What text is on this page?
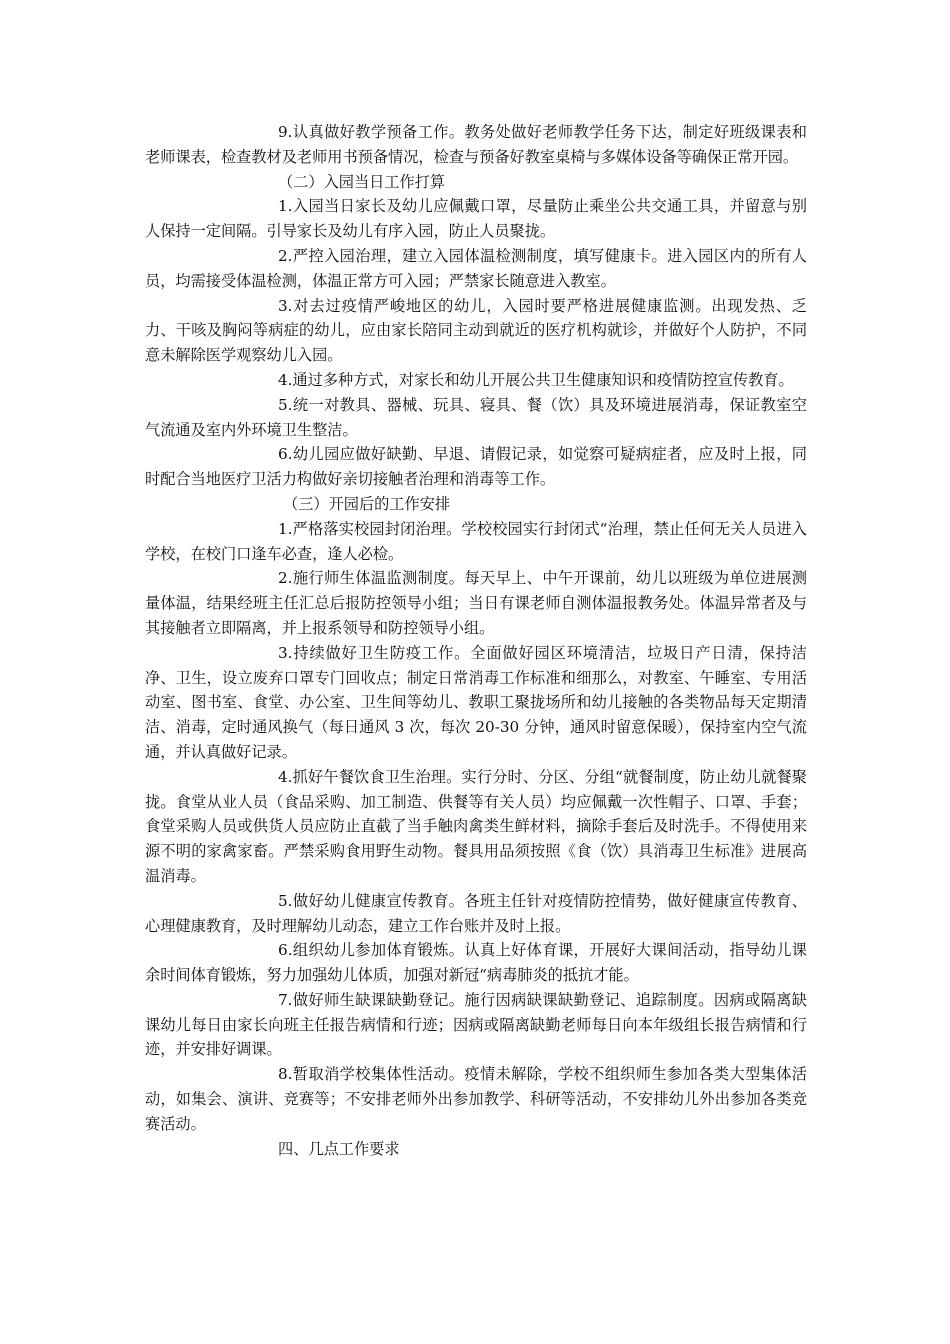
9.认真做好教学预备工作。教务处做好老师教学任务下达，制定好班级课表和老师课表，检查教材及老师用书预备情况，检查与预备好教室桌椅与多媒体设备等确保正常开园。

（二）入园当日工作打算

1.入园当日家长及幼儿应佩戴口罩，尽量防止乘坐公共交通工具，并留意与别人保持一定间隔。引导家长及幼儿有序入园，防止人员聚拢。

2.严控入园治理，建立入园体温检测制度，填写健康卡。进入园区内的所有人员，均需接受体温检测，体温正常方可入园；严禁家长随意进入教室。

3.对去过疫情严峻地区的幼儿，入园时要严格进展健康监测。出现发热、乏力、干咳及胸闷等病症的幼儿，应由家长陪同主动到就近的医疗机构就诊，并做好个人防护，不同意未解除医学观察幼儿入园。

4.通过多种方式，对家长和幼儿开展公共卫生健康知识和疫情防控宣传教育。

5.统一对教具、器械、玩具、寝具、餐（饮）具及环境进展消毒，保证教室空气流通及室内外环境卫生整洁。

6.幼儿园应做好缺勤、早退、请假记录，如觉察可疑病症者，应及时上报，同时配合当地医疗卫活力构做好亲切接触者治理和消毒等工作。

（三）开园后的工作安排

1.严格落实校园封闭治理。学校校园实行封闭式“治理，禁止任何无关人员进入学校，在校门口逢车必查，逢人必检。

2.施行师生体温监测制度。每天早上、中午开课前，幼儿以班级为单位进展测量体温，结果经班主任汇总后报防控领导小组；当日有课老师自测体温报教务处。体温异常者及与其接触者立即隔离，并上报系领导和防控领导小组。

3.持续做好卫生防疫工作。全面做好园区环境清洁，垃圾日产日清，保持洁净、卫生，设立废弃口罩专门回收点；制定日常消毒工作标准和细那么，对教室、午睡室、专用活动室、图书室、食堂、办公室、卫生间等幼儿、教职工聚拢场所和幼儿接触的各类物品每天定期清洁、消毒，定时通风换气（每日通风 3 次，每次 20-30 分钟，通风时留意保暖），保持室内空气流通，并认真做好记录。

4.抓好午餐饮食卫生治理。实行分时、分区、分组“就餐制度，防止幼儿就餐聚拢。食堂从业人员（食品采购、加工制造、供餐等有关人员）均应佩戴一次性帽子、口罩、手套；食堂采购人员或供货人员应防止直截了当手触肉禽类生鲜材料，摘除手套后及时洗手。不得使用来源不明的家禽家畜。严禁采购食用野生动物。餐具用品须按照《食（饮）具消毒卫生标准》进展高温消毒。

5.做好幼儿健康宣传教育。各班主任针对疫情防控情势，做好健康宣传教育、心理健康教育，及时理解幼儿动态，建立工作台账并及时上报。

6.组织幼儿参加体育锻炼。认真上好体育课，开展好大课间活动，指导幼儿课余时间体育锻炼，努力加强幼儿体质，加强对新冠“病毒肺炎的抵抗才能。

7.做好师生缺课缺勤登记。施行因病缺课缺勤登记、追踪制度。因病或隔离缺课幼儿每日由家长向班主任报告病情和行迹；因病或隔离缺勤老师每日向本年级组长报告病情和行迹，并安排好调课。

8.暂取消学校集体性活动。疫情未解除，学校不组织师生参加各类大型集体活动，如集会、演讲、竞赛等；不安排老师外出参加教学、科研等活动，不安排幼儿外出参加各类竞赛活动。

四、几点工作要求
